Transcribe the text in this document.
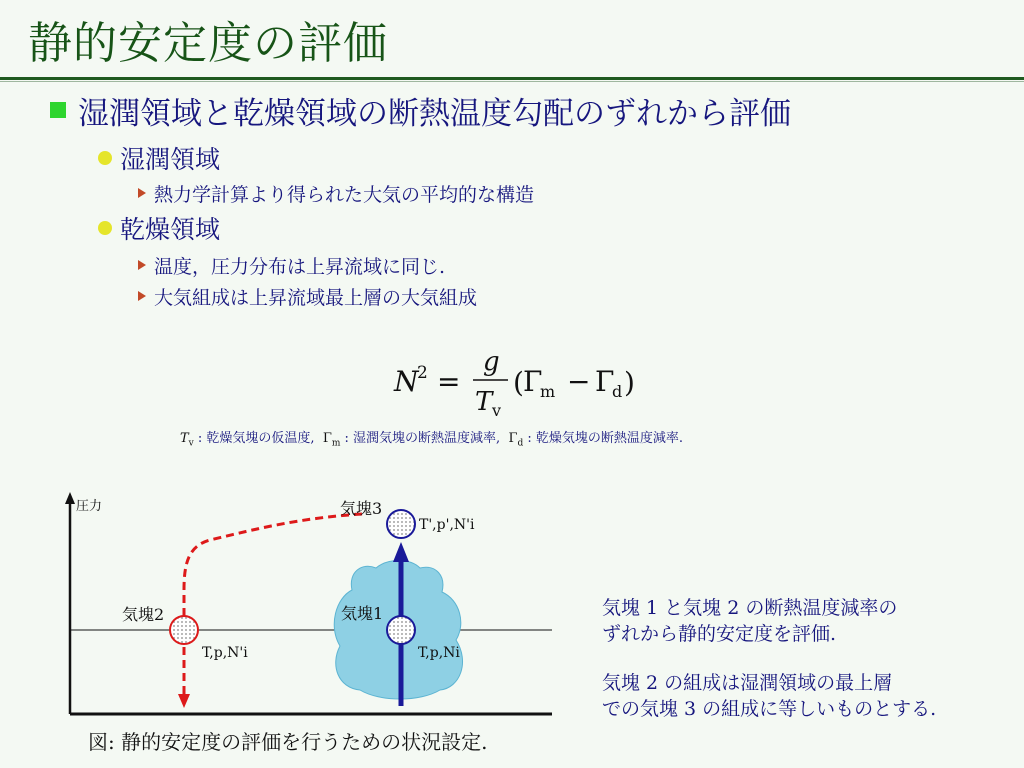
静的安定度の評価
湿潤領域と乾燥領域の断熱温度勾配のずれから評価
湿潤領域
熱力学計算より得られた大気の平均的な構造
乾燥領域
温度，圧力分布は上昇流域に同じ.
大気組成は上昇流域最上層の大気組成
N
2 =
g
T v
( Γ
m − Γ
d )
$T_v$ : 乾燥気塊の仮温度, $\Gamma_m$ : 湿潤気塊の断熱温度減率, $\Gamma_d$ : 乾燥気塊の断熱温度減率.
圧力
気塊2
T,p,N'i
気塊1
T,p,Ni
気塊3
T',p',N'i
図: 静的安定度の評価を行うための状況設定.
気塊 1 と気塊 2 の断熱温度減率の
ずれから静的安定度を評価.
気塊 2 の組成は湿潤領域の最上層
での気塊 3 の組成に等しいものとする.
